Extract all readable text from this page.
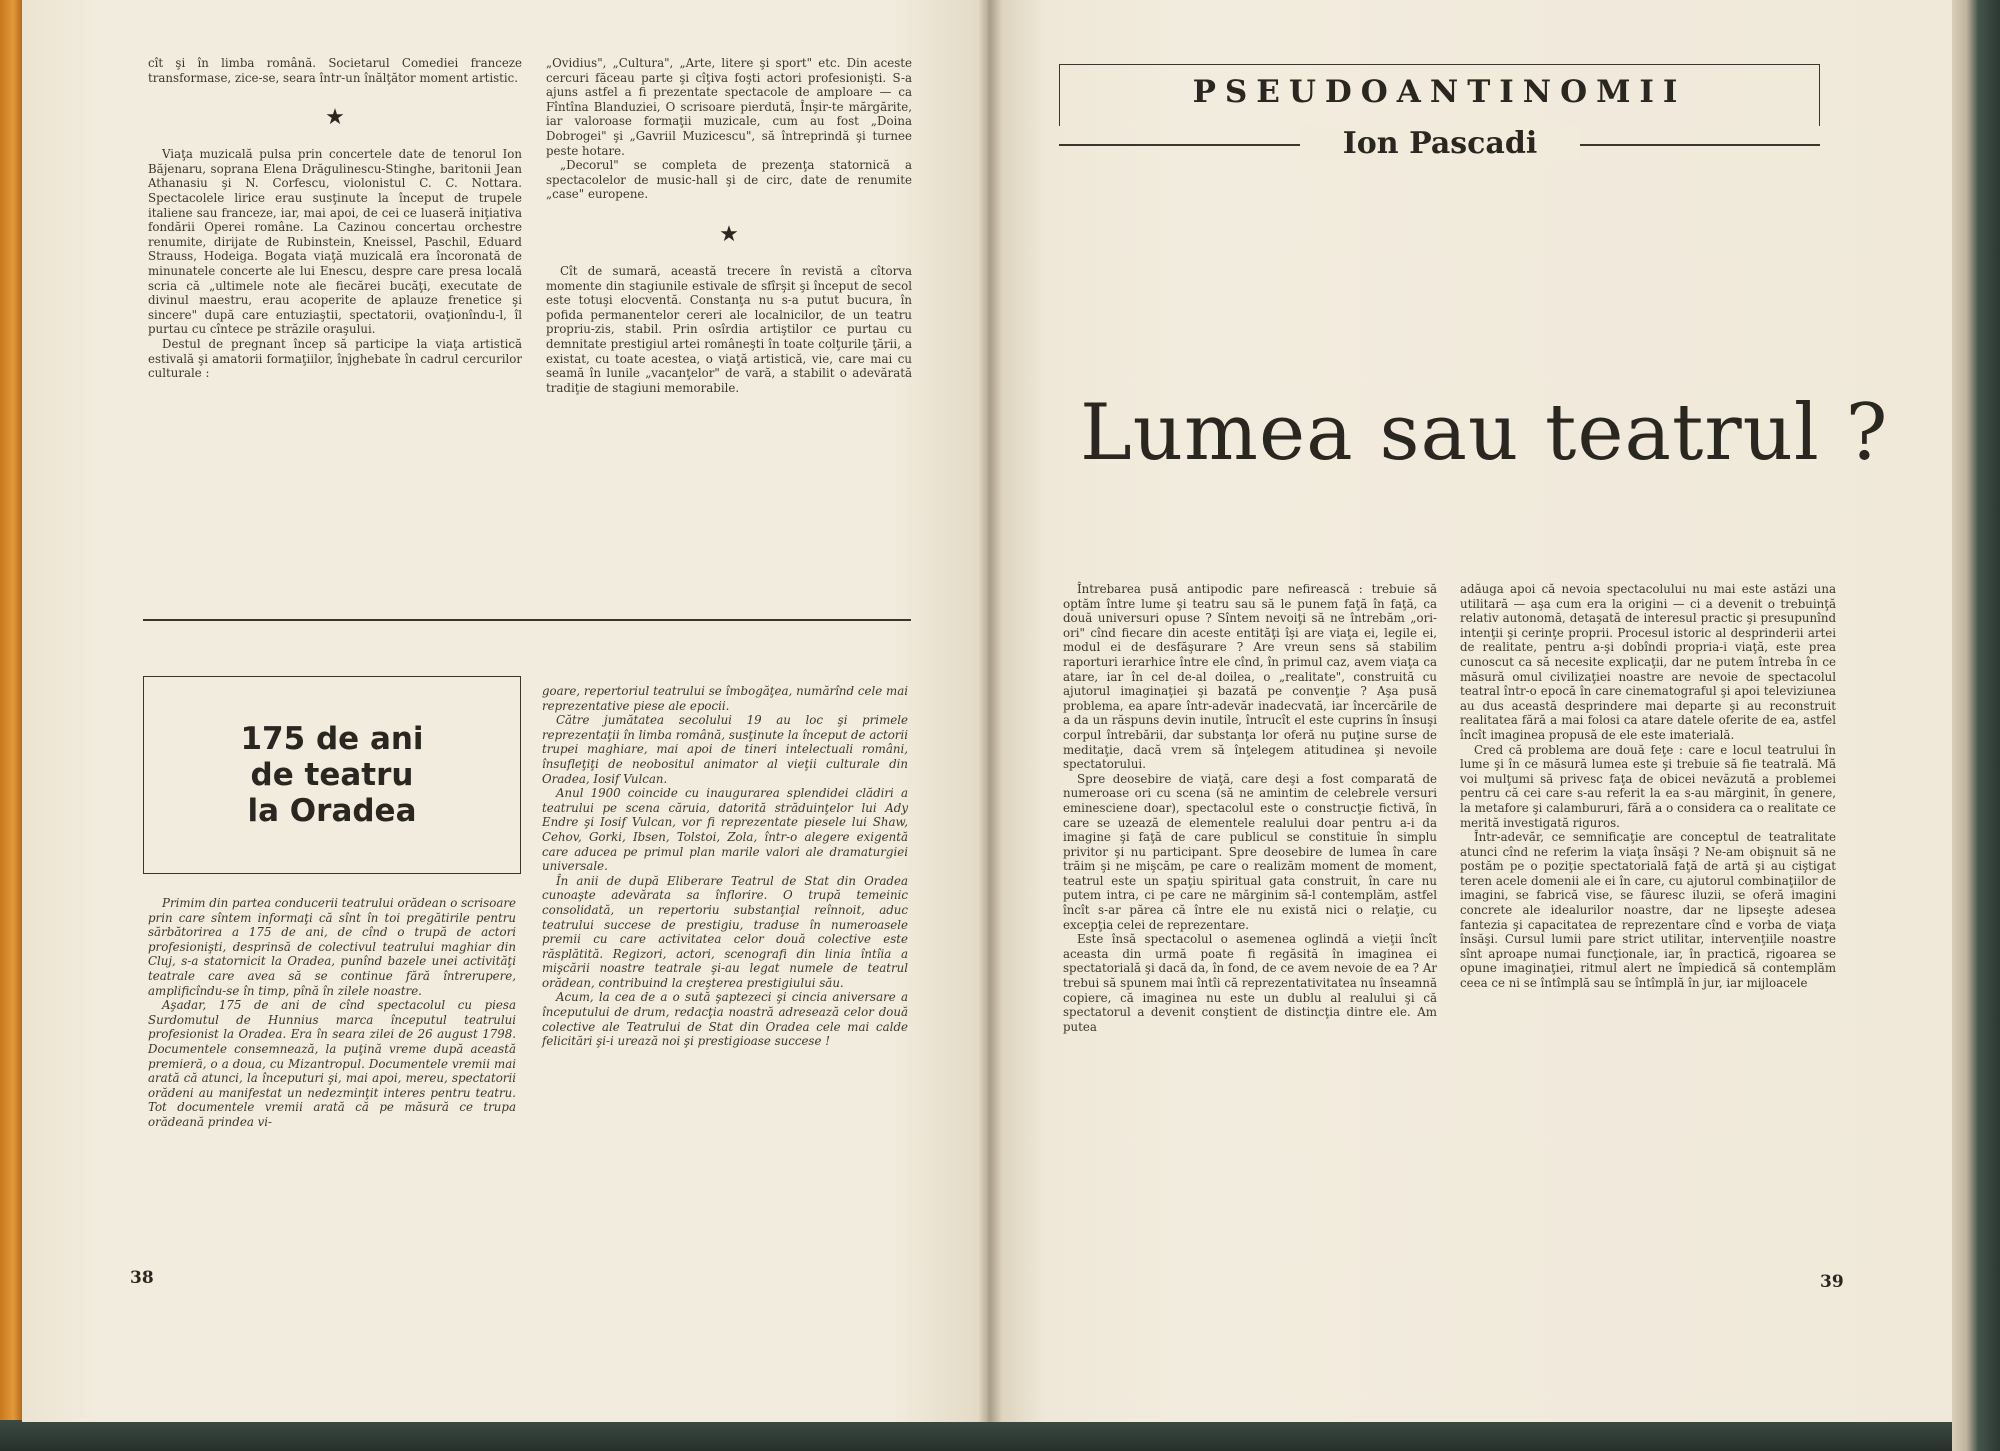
cît şi în limba română. Societarul Comediei franceze transformase, zice-se, seara într-un înălţător moment artistic.

★

Viaţa muzicală pulsa prin concertele date de tenorul Ion Băjenaru, soprana Elena Drăgulinescu-Stinghe, baritonii Jean Athanasiu şi N. Corfescu, violonistul C. C. Nottara. Spectacolele lirice erau susţinute la început de trupele italiene sau franceze, iar, mai apoi, de cei ce luaseră iniţiativa fondării Operei române. La Cazinou concertau orchestre renumite, dirijate de Rubinstein, Kneissel, Paschil, Eduard Strauss, Hodeiga. Bogata viaţă muzicală era încoronată de minunatele concerte ale lui Enescu, despre care presa locală scria că „ultimele note ale fiecărei bucăţi, executate de divinul maestru, erau acoperite de aplauze frenetice şi sincere" după care entuziaştii, spectatorii, ovaţionîndu-l, îl purtau cu cîntece pe străzile oraşului.

Destul de pregnant încep să participe la viaţa artistică estivală şi amatorii formaţiilor, înjghebate în cadrul cercurilor culturale :

„Ovidius", „Cultura", „Arte, litere şi sport" etc. Din aceste cercuri făceau parte şi cîţiva foşti actori profesionişti. S-a ajuns astfel a fi prezentate spectacole de amploare — ca Fîntîna Blanduziei, O scrisoare pierdută, Înşir-te mărgărite, iar valoroase formaţii muzicale, cum au fost „Doina Dobrogei" şi „Gavriil Muzicescu", să întreprindă şi turnee peste hotare.

„Decorul" se completa de prezenţa statornică a spectacolelor de music-hall şi de circ, date de renumite „case" europene.

★

Cît de sumară, această trecere în revistă a cîtorva momente din stagiunile estivale de sfîrşit şi început de secol este totuşi elocventă. Constanţa nu s-a putut bucura, în pofida permanentelor cereri ale localnicilor, de un teatru propriu-zis, stabil. Prin osîrdia artiştilor ce purtau cu demnitate prestigiul artei româneşti în toate colţurile ţării, a existat, cu toate acestea, o viaţă artistică, vie, care mai cu seamă în lunile „vacanţelor" de vară, a stabilit o adevărată tradiţie de stagiuni memorabile.

175 de ani
de teatru
la Oradea

Primim din partea conducerii teatrului orădean o scrisoare prin care sîntem informaţi că sînt în toi pregătirile pentru sărbătorirea a 175 de ani, de cînd o trupă de actori profesionişti, desprinsă de colectivul teatrului maghiar din Cluj, s-a statornicit la Oradea, punînd bazele unei activităţi teatrale care avea să se continue fără întrerupere, amplificîndu-se în timp, pînă în zilele noastre.

Aşadar, 175 de ani de cînd spectacolul cu piesa Surdomutul de Hunnius marca începutul teatrului profesionist la Oradea. Era în seara zilei de 26 august 1798. Documentele consemnează, la puţină vreme după această premieră, o a doua, cu Mizantropul. Documentele vremii mai arată că atunci, la începuturi şi, mai apoi, mereu, spectatorii orădeni au manifestat un nedezminţit interes pentru teatru. Tot documentele vremii arată că pe măsură ce trupa orădeană prindea vi-

goare, repertoriul teatrului se îmbogăţea, numărînd cele mai reprezentative piese ale epocii.

Către jumătatea secolului 19 au loc şi primele reprezentaţii în limba română, susţinute la început de actorii trupei maghiare, mai apoi de tineri intelectuali români, însufleţiţi de neobositul animator al vieţii culturale din Oradea, Iosif Vulcan.

Anul 1900 coincide cu inaugurarea splendidei clădiri a teatrului pe scena căruia, datorită străduinţelor lui Ady Endre şi Iosif Vulcan, vor fi reprezentate piesele lui Shaw, Cehov, Gorki, Ibsen, Tolstoi, Zola, într-o alegere exigentă care aducea pe primul plan marile valori ale dramaturgiei universale.

În anii de după Eliberare Teatrul de Stat din Oradea cunoaşte adevărata sa înflorire. O trupă temeinic consolidată, un repertoriu substanţial reînnoit, aduc teatrului succese de prestigiu, traduse în numeroasele premii cu care activitatea celor două colective este răsplătită. Regizori, actori, scenografi din linia întîia a mişcării noastre teatrale şi-au legat numele de teatrul orădean, contribuind la creşterea prestigiului său.

Acum, la cea de a o sută şaptezeci şi cincia aniversare a începutului de drum, redacţia noastră adresează celor două colective ale Teatrului de Stat din Oradea cele mai calde felicitări şi-i urează noi şi prestigioase succese !

38
PSEUDOANTINOMII
Ion Pascadi
Lumea sau teatrul ?

Întrebarea pusă antipodic pare nefirească : trebuie să optăm între lume şi teatru sau să le punem faţă în faţă, ca două universuri opuse ? Sîntem nevoiţi să ne întrebăm „ori-ori" cînd fiecare din aceste entităţi îşi are viaţa ei, legile ei, modul ei de desfăşurare ? Are vreun sens să stabilim raporturi ierarhice între ele cînd, în primul caz, avem viaţa ca atare, iar în cel de-al doilea, o „realitate", construită cu ajutorul imaginaţiei şi bazată pe convenţie ? Aşa pusă problema, ea apare într-adevăr inadecvată, iar încercările de a da un răspuns devin inutile, întrucît el este cuprins în însuşi corpul întrebării, dar substanţa lor oferă nu puţine surse de meditaţie, dacă vrem să înţelegem atitudinea şi nevoile spectatorului.

Spre deosebire de viaţă, care deşi a fost comparată de numeroase ori cu scena (să ne amintim de celebrele versuri eminesciene doar), spectacolul este o construcţie fictivă, în care se uzează de elementele realului doar pentru a-i da imagine şi faţă de care publicul se constituie în simplu privitor şi nu participant. Spre deosebire de lumea în care trăim şi ne mişcăm, pe care o realizăm moment de moment, teatrul este un spaţiu spiritual gata construit, în care nu putem intra, ci pe care ne mărginim să-l contemplăm, astfel încît s-ar părea că între ele nu există nici o relaţie, cu excepţia celei de reprezentare.

Este însă spectacolul o asemenea oglindă a vieţii încît aceasta din urmă poate fi regăsită în imaginea ei spectatorială şi dacă da, în fond, de ce avem nevoie de ea ? Ar trebui să spunem mai întîi că reprezentativitatea nu înseamnă copiere, că imaginea nu este un dublu al realului şi că spectatorul a devenit conştient de distincţia dintre ele. Am putea

adăuga apoi că nevoia spectacolului nu mai este astăzi una utilitară — aşa cum era la origini — ci a devenit o trebuinţă relativ autonomă, detaşată de interesul practic şi presupunînd intenţii şi cerinţe proprii. Procesul istoric al desprinderii artei de realitate, pentru a-şi dobîndi propria-i viaţă, este prea cunoscut ca să necesite explicaţii, dar ne putem întreba în ce măsură omul civilizaţiei noastre are nevoie de spectacolul teatral într-o epocă în care cinematograful şi apoi televiziunea au dus această desprindere mai departe şi au reconstruit realitatea fără a mai folosi ca atare datele oferite de ea, astfel încît imaginea propusă de ele este imaterială.

Cred că problema are două feţe : care e locul teatrului în lume şi în ce măsură lumea este şi trebuie să fie teatrală. Mă voi mulţumi să privesc faţa de obicei nevăzută a problemei pentru că cei care s-au referit la ea s-au mărginit, în genere, la metafore şi calambururi, fără a o considera ca o realitate ce merită investigată riguros.

Într-adevăr, ce semnificaţie are conceptul de teatralitate atunci cînd ne referim la viaţa însăşi ? Ne-am obişnuit să ne postăm pe o poziţie spectatorială faţă de artă şi au ciştigat teren acele domenii ale ei în care, cu ajutorul combinaţiilor de imagini, se fabrică vise, se făuresc iluzii, se oferă imagini concrete ale idealurilor noastre, dar ne lipseşte adesea fantezia şi capacitatea de reprezentare cînd e vorba de viaţa însăşi. Cursul lumii pare strict utilitar, intervenţiile noastre sînt aproape numai funcţionale, iar, în practică, rigoarea se opune imaginaţiei, ritmul alert ne împiedică să contemplăm ceea ce ni se întîmplă sau se întîmplă în jur, iar mijloacele

39
